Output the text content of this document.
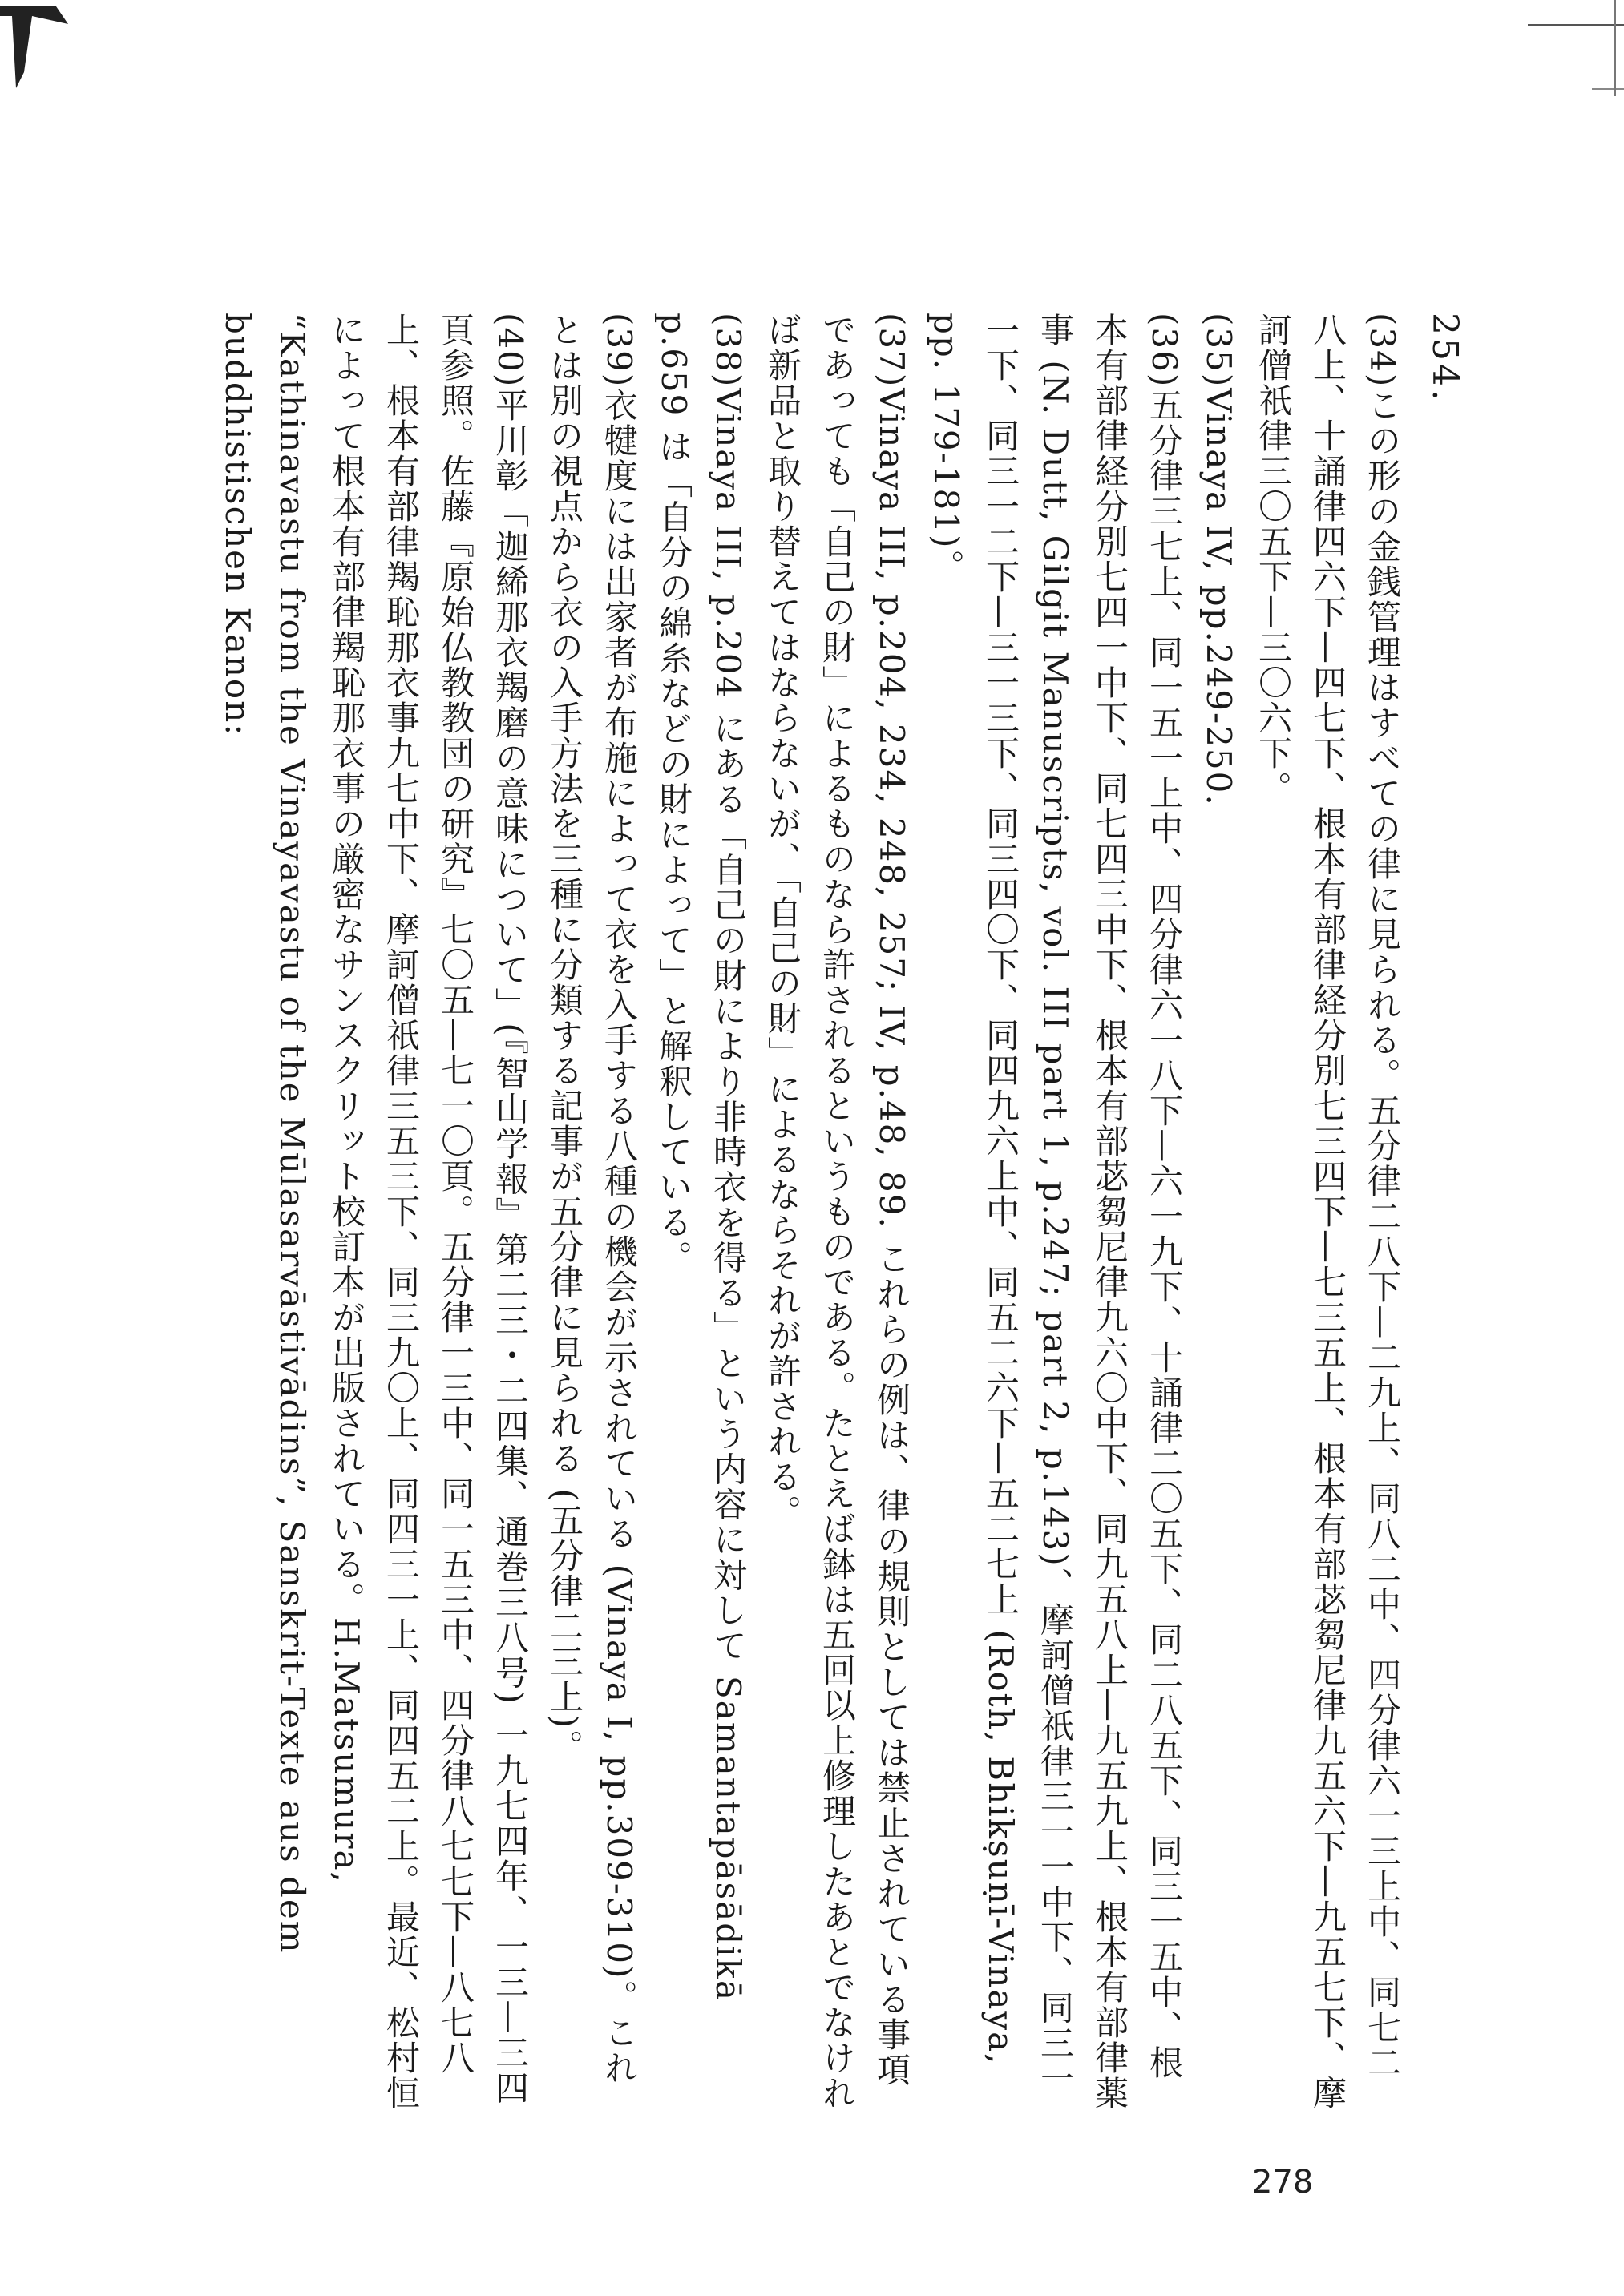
254.
(34)この形の金銭管理はすべての律に見られる。五分律二八下—二九上、同八二中、四分律六一三上中、同七二八上、十誦律四六下—四七下、根本有部律経分別七三四下—七三五上、根本有部苾芻尼律九五六下—九五七下、摩訶僧祇律三〇五下—三〇六下。
(35)Vinaya IV, pp.249-250.
(36)五分律三七上、同一五一上中、四分律六一八下—六一九下、十誦律二〇五下、同二八五下、同三一五中、根本有部律経分別七四一中下、同七四三中下、根本有部苾芻尼律九六〇中下、同九五八上—九五九上、根本有部律薬事 (N. Dutt, Gilgit Manuscripts, vol. III part 1, p.247; part 2, p.143)、摩訶僧祇律三一一中下、同三一一下、同三一二下—三一三下、同三四〇下、同四九六上中、同五二六下—五二七上 (Roth, Bhikṣuṇī-Vinaya, pp. 179-181)。
(37)Vinaya III, p.204, 234, 248, 257; IV, p.48, 89. これらの例は、律の規則としては禁止されている事項であっても「自己の財」によるものなら許されるというものである。たとえば鉢は五回以上修理したあとでなければ新品と取り替えてはならないが、「自己の財」によるならそれが許される。
(38)Vinaya III, p.204 にある「自己の財により非時衣を得る」という内容に対して Samantapāsādikā p.659 は「自分の綿糸などの財によって」と解釈している。
(39)衣犍度には出家者が布施によって衣を入手する八種の機会が示されている (Vinaya I, pp.309-310)。これとは別の視点から衣の入手方法を三種に分類する記事が五分律に見られる (五分律二三上)。
(40)平川彰「迦絺那衣羯磨の意味について」(『智山学報』第二三・二四集、通巻三八号) 一九七四年、一三—三四頁参照。佐藤『原始仏教教団の研究』七〇五—七一〇頁。五分律一三中、同一五三中、四分律八七七下—八七八上、根本有部律羯恥那衣事九七中下、摩訶僧祇律三五三下、同三九〇上、同四三一上、同四五二上。最近、松村恒によって根本有部律羯恥那衣事の厳密なサンスクリット校訂本が出版されている。H.Matsumura, “Kathinavastu from the Vinayavastu of the Mūlasarvāstivādins”, Sanskrit-Texte aus dem buddhistischen Kanon:
278
